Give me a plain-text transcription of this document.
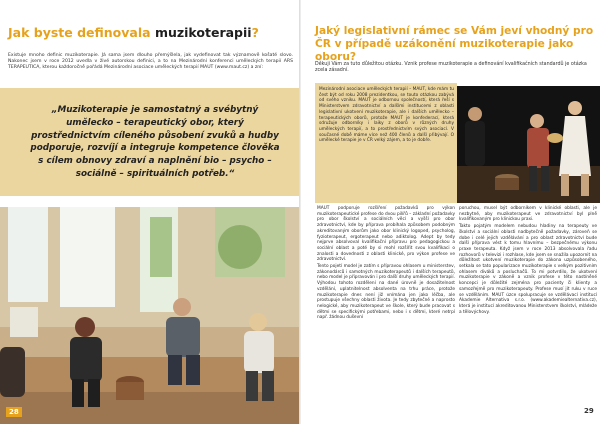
Jak byste definovala muzikoterapii?
Existuje mnoho definic muzikoterapie. Já sama jsem dlouho přemýšlela, jak vydefinovat tak významově košaté slovo. Nakonec jsem v roce 2012 uvedla v živé autorskou definici, a to na Mezinárodní konferenci uměleckých terapií ARS TERAPEUTICA, kterou každoročně pořádá Mezinárodní asociace uměleckých terapií MAUT (www.maut.cz) a zní:
„Muzikoterapie je samostatný a svébytný umělecko – terapeutický obor, který prostřednictvím cíleného působení zvuků a hudby podporuje, rozvíjí a integruje kompetence člověka s cílem obnovy zdraví a naplnění bio – psycho – sociálně – spirituálních potřeb.“
28
Jaký legislativní rámec se Vám jeví vhodný pro ČR v případě uzákonění muzikoterapie jako oboru?
Děkuji Vám za tuto důležitou otázku. Vznik profese muzikoterapie a definování kvalifikačních standardů je otázka zcela zásadní.
Mezinárodní asociace uměleckých terapií – MAUT, kde mám tu čest být od roku 2008 prezidentkou, se touto otázkou zabývá od svého vzniku. MAUT je odbornou společností, která řeší s Ministerstvem zdravotnictví a dalšími institucemi z oblasti legislativní ukotvení muzikoterapie, ale i dalších umělecko – terapeutických oborů, protože MAUT je konfederací, která sdružuje odborníky i laiky z oborů v různých druhy uměleckých terapií, a to prostřednictvím svých asociací. V současné době máme více než 400 členů a další přibývají. O umělecké terapie je v ČR velký zájem, a to je dobře.

MAUT podporuje rozšíření požadavků pro výkon muzikoterapeutické profese do dvou pilířů – základní požadavky pro obor školství a sociálních věcí a vyšší pro obor zdravotnictví, kde by příprava probíhala způsobem podobným akreditovaným oborům jako obor klinický logoped, psycholog, fyzioterapeut, ergoterapeut nebo adiktolog. Adept by tedy nejprve absolvoval kvalifikační přípravu pro pedagogickou a sociální oblast a poté by si mohl rozšířit svou kvalifikaci o znalosti a dovednosti z oblasti klinické, pro výkon profese ve zdravotnictví.

Tento pojetí model je zatím s přípravou ohlasem u ministerstev, zákonodárců i samotných muzikoterapeutů i dalších terapeutů, nebo model je připravován i pro další druhy uměleckých terapií. Výhodou tohoto rozdělení na dané úrovně je dosažitelnost vzdělání, uplatnitelnost absolventa na trhu práce, protože muzikoterapie dnes není již vnímána jen jako léčba, ale prostupuje všechny oblasti života. Je tedy zbytečné a naprosto nelogické, aby muzikoterapeut ve škole, který bude pracovat s dětmi se specifickými potřebami, nebo i s dětmi, které netrpí např. žádnou duševní

poruchou, musel být odborníkem v klinické oblasti, ale je nezbytné, aby muzikoterapeut ve zdravotnictví byl plně kvalifikovaným pro klinickou praxi.

Takto pojatým modelem nebudou hladiny na terapeuty ve školství a sociální oblasti nadbytečně požadavky, zároveň se dobe i celé jejich vzdělávání a pro oblast zdravotnictví bude další příprava vést k tomu hlavnímu – bezpečnému výkonu praxe terapeuta. Když jsem v roce 2013 absolvovala řadu rozhovorů v televizi i rozhlase, kde jsem se snažila upozornit na důležitost ukotvení muzikoterapie do zákona uzpůsobeného, setkala se tato popularizace muzikoterapie s velkým pozitivním ohlasem diváků a posluchačů. To mi potvrdilo, že ukotvení muzikoterapie v zákoně a vznik profese v této nastíněné koncepci je důležité zejména pro pacienty či klienty a samozřejmě pro muzikoterapeuty. Profese musí jít ruku v ruce se vzděláním. MAUT úzce spolupracuje se vzdělávací institucí Akademie Alternativa s.r.o. (www.akademiealternativa.cz), která je institucí akreditovanou Ministerstvem školství, mládeže a tělovýchovy.

29
